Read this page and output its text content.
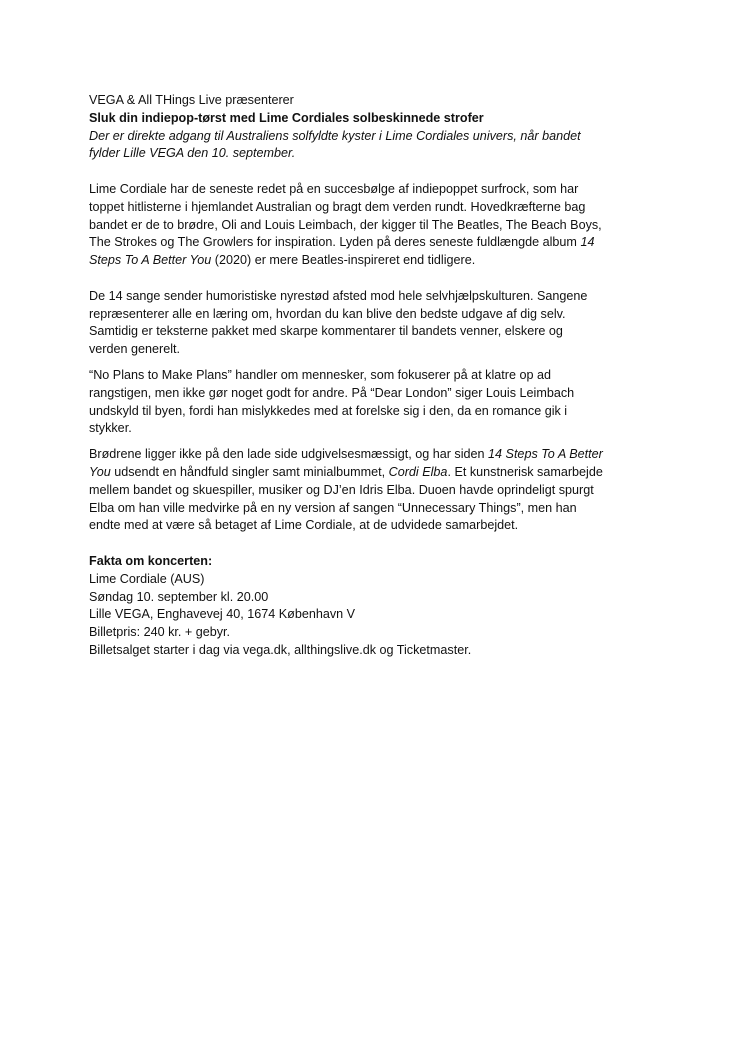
VEGA & All THings Live præsenterer
Sluk din indiepop-tørst med Lime Cordiales solbeskinnede strofer
Der er direkte adgang til Australiens solfyldte kyster i Lime Cordiales univers, når bandet
fylder Lille VEGA den 10. september.

Lime Cordiale har de seneste redet på en succesbølge af indiepoppet surfrock, som har
toppet hitlisterne i hjemlandet Australian og bragt dem verden rundt. Hovedkræfterne bag
bandet er de to brødre, Oli and Louis Leimbach, der kigger til The Beatles, The Beach Boys,
The Strokes og The Growlers for inspiration. Lyden på deres seneste fuldlængde album 14
Steps To A Better You (2020) er mere Beatles-inspireret end tidligere.

De 14 sange sender humoristiske nyrestød afsted mod hele selvhjælpskulturen. Sangene
repræsenterer alle en læring om, hvordan du kan blive den bedste udgave af dig selv.
Samtidig er teksterne pakket med skarpe kommentarer til bandets venner, elskere og
verden generelt.

“No Plans to Make Plans” handler om mennesker, som fokuserer på at klatre op ad
rangstigen, men ikke gør noget godt for andre. På “Dear London” siger Louis Leimbach
undskyld til byen, fordi han mislykkedes med at forelske sig i den, da en romance gik i
stykker.

Brødrene ligger ikke på den lade side udgivelsesmæssigt, og har siden 14 Steps To A Better
You udsendt en håndfuld singler samt minialbummet, Cordi Elba. Et kunstnerisk samarbejde
mellem bandet og skuespiller, musiker og DJ’en Idris Elba. Duoen havde oprindeligt spurgt
Elba om han ville medvirke på en ny version af sangen “Unnecessary Things”, men han
endte med at være så betaget af Lime Cordiale, at de udvidede samarbejdet.

Fakta om koncerten:
Lime Cordiale (AUS)
Søndag 10. september kl. 20.00
Lille VEGA, Enghavevej 40, 1674 København V
Billetpris: 240 kr. + gebyr.
Billetsalget starter i dag via vega.dk, allthingslive.dk og Ticketmaster.
